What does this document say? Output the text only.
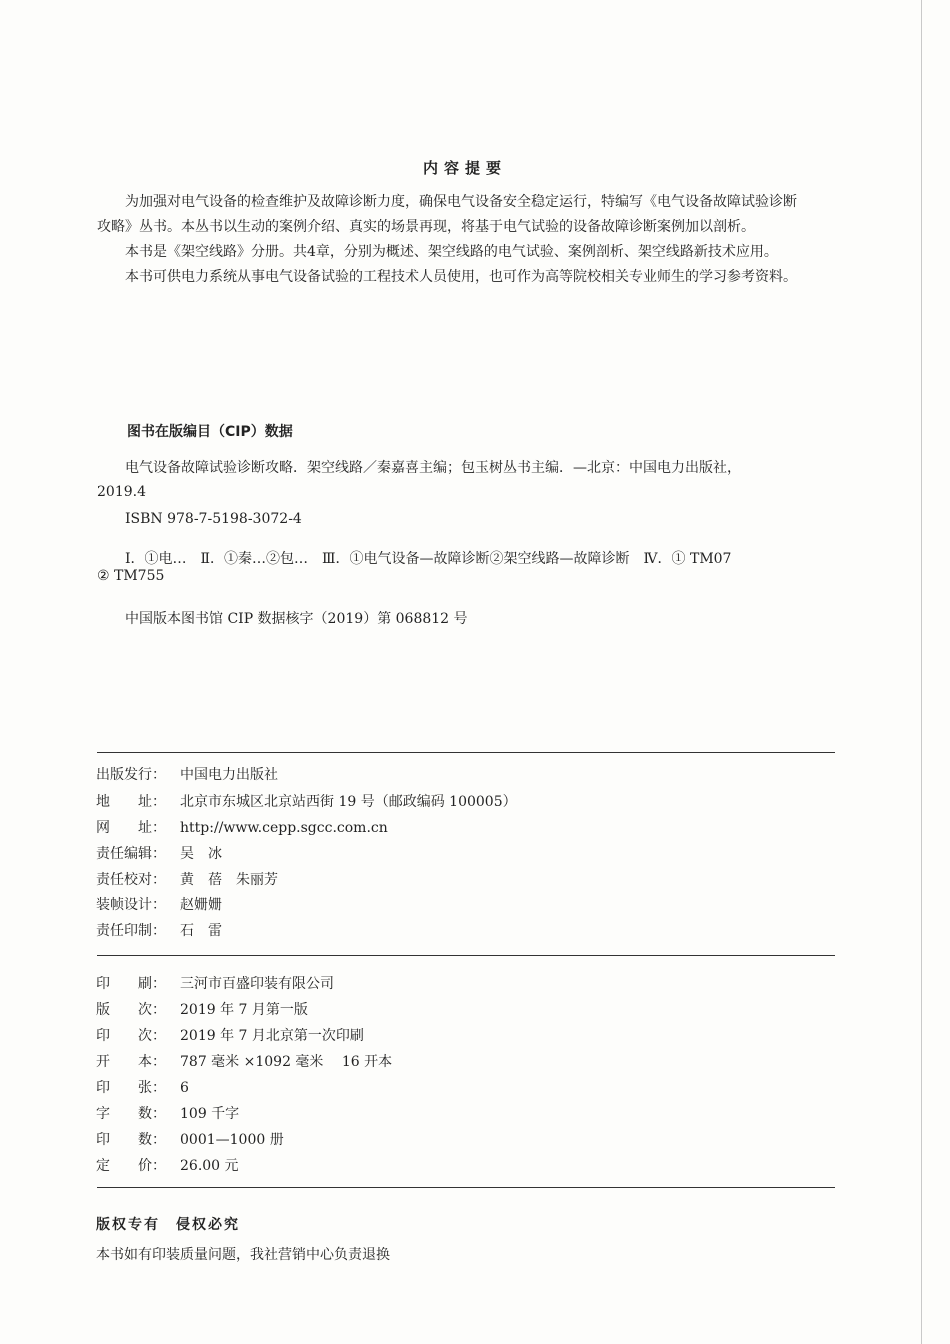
内容提要
为加强对电气设备的检查维护及故障诊断力度，确保电气设备安全稳定运行，特编写《电气设备故障试验诊断
攻略》丛书。本丛书以生动的案例介绍、真实的场景再现，将基于电气试验的设备故障诊断案例加以剖析。
本书是《架空线路》分册。共4章，分别为概述、架空线路的电气试验、案例剖析、架空线路新技术应用。
本书可供电力系统从事电气设备试验的工程技术人员使用，也可作为高等院校相关专业师生的学习参考资料。
图书在版编目（CIP）数据
电气设备故障试验诊断攻略．架空线路／秦嘉喜主编；包玉树丛书主编．—北京：中国电力出版社，
2019.4
ISBN 978-7-5198-3072-4
Ⅰ．①电…　Ⅱ．①秦…②包…　Ⅲ．①电气设备—故障诊断②架空线路—故障诊断　Ⅳ．① TM07
② TM755
中国版本图书馆 CIP 数据核字（2019）第 068812 号
出版发行： 中国电力出版社
地　　址： 北京市东城区北京站西街 19 号（邮政编码 100005）
网　　址： http://www.cepp.sgcc.com.cn
责任编辑： 吴　冰
责任校对： 黄　蓓　朱丽芳
装帧设计： 赵姗姗
责任印制： 石　雷
印　　刷： 三河市百盛印装有限公司
版　　次： 2019 年 7 月第一版
印　　次： 2019 年 7 月北京第一次印刷
开　　本： 787 毫米 ×1092 毫米　 16 开本
印　　张： 6
字　　数： 109 千字
印　　数： 0001—1000 册
定　　价： 26.00 元
版权专有　侵权必究
本书如有印装质量问题，我社营销中心负责退换
